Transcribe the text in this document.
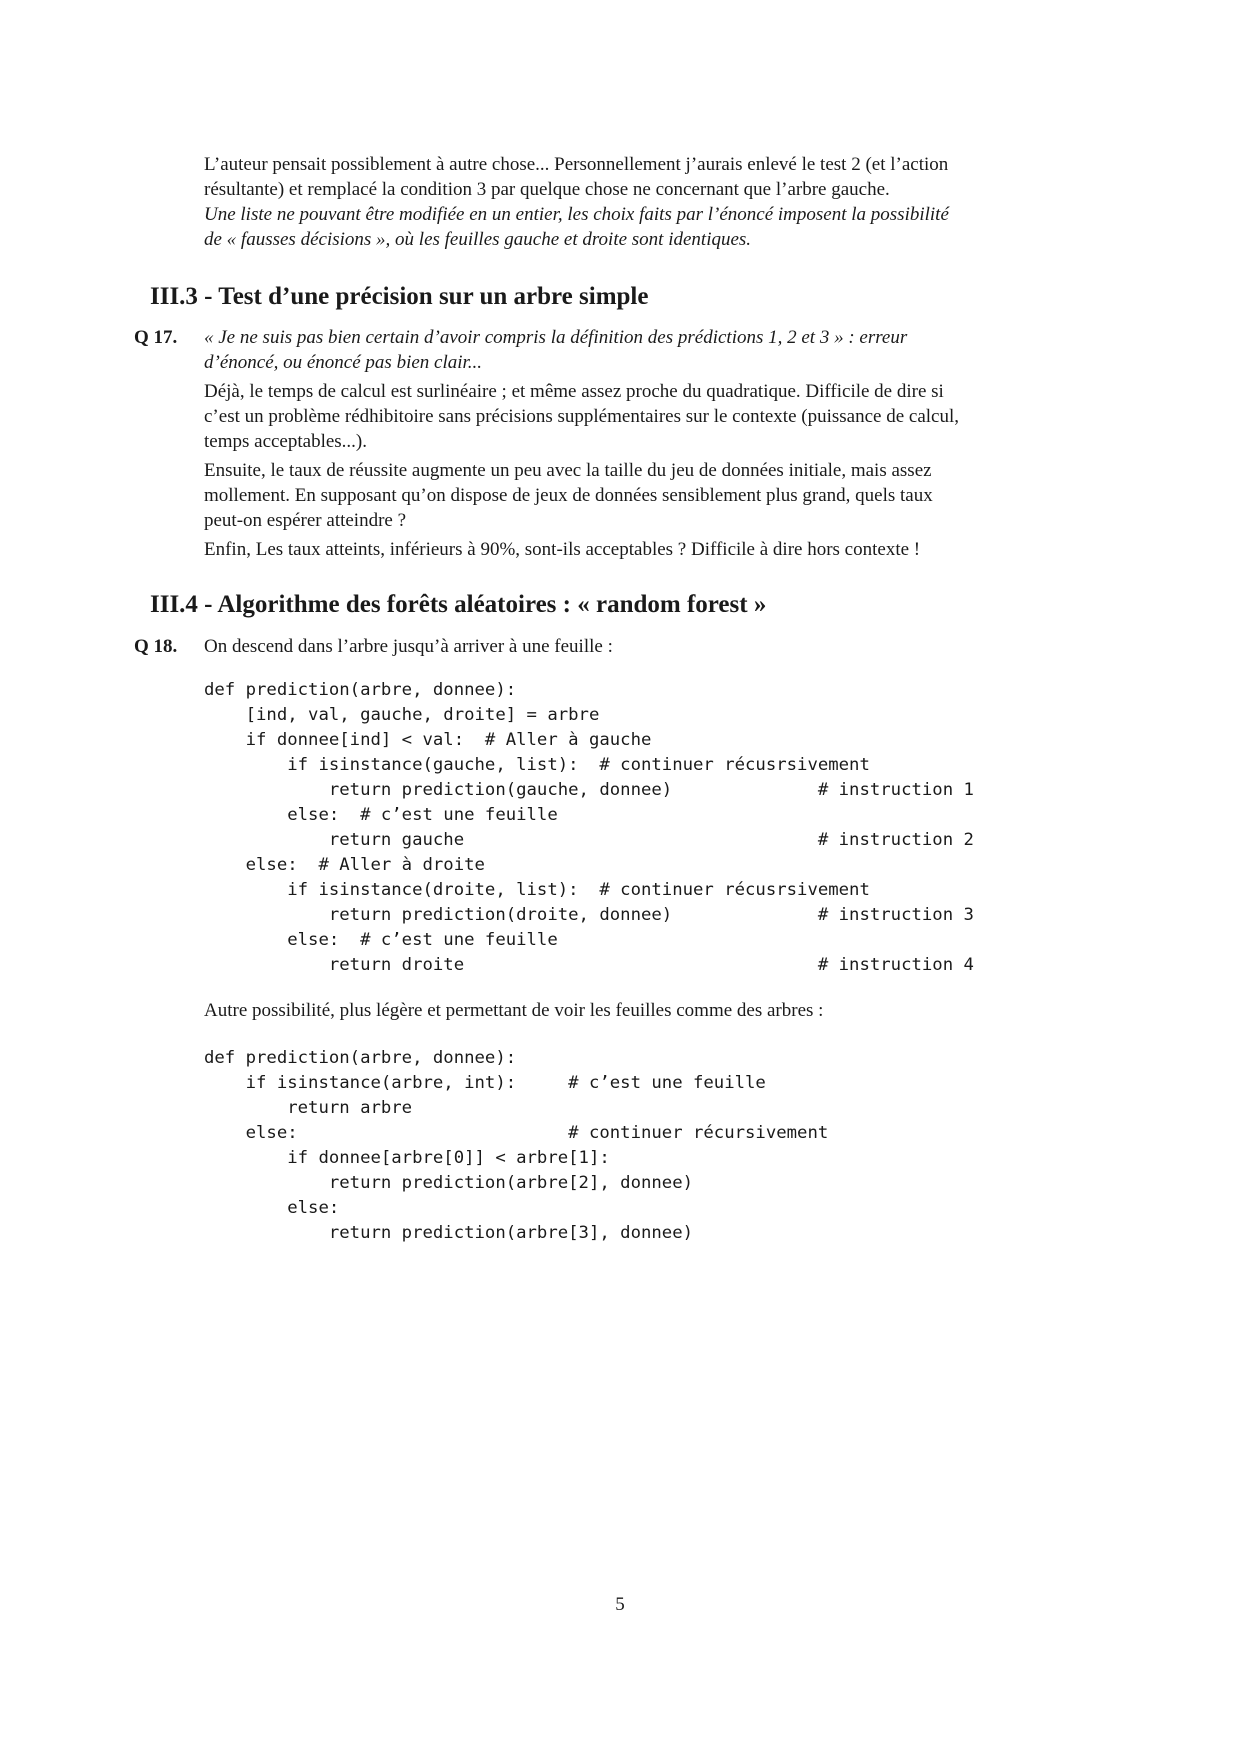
L’auteur pensait possiblement à autre chose... Personnellement j’aurais enlevé le test 2 (et l’action
résultante) et remplacé la condition 3 par quelque chose ne concernant que l’arbre gauche.
Une liste ne pouvant être modifiée en un entier, les choix faits par l’énoncé imposent la possibilité
de « fausses décisions », où les feuilles gauche et droite sont identiques.
III.3 - Test d’une précision sur un arbre simple
Q 17. « Je ne suis pas bien certain d’avoir compris la définition des prédictions 1, 2 et 3 » : erreur
d’énoncé, ou énoncé pas bien clair...
Déjà, le temps de calcul est surlinéaire ; et même assez proche du quadratique. Difficile de dire si
c’est un problème rédhibitoire sans précisions supplémentaires sur le contexte (puissance de calcul,
temps acceptables...).
Ensuite, le taux de réussite augmente un peu avec la taille du jeu de données initiale, mais assez
mollement. En supposant qu’on dispose de jeux de données sensiblement plus grand, quels taux
peut-on espérer atteindre ?
Enfin, Les taux atteints, inférieurs à 90%, sont-ils acceptables ? Difficile à dire hors contexte !
III.4 - Algorithme des forêts aléatoires : « random forest »
Q 18. On descend dans l’arbre jusqu’à arriver à une feuille :
def prediction(arbre, donnee):
[ind, val, gauche, droite] = arbre
if donnee[ind] < val:  # Aller à gauche
if isinstance(gauche, list):  # continuer récusrsivement
return prediction(gauche, donnee)              # instruction 1
else:  # c’est une feuille
return gauche                                  # instruction 2
else:  # Aller à droite
if isinstance(droite, list):  # continuer récusrsivement
return prediction(droite, donnee)              # instruction 3
else:  # c’est une feuille
return droite                                  # instruction 4
Autre possibilité, plus légère et permettant de voir les feuilles comme des arbres :
def prediction(arbre, donnee):
if isinstance(arbre, int):     # c’est une feuille
return arbre
else:                          # continuer récursivement
if donnee[arbre[0]] < arbre[1]:
return prediction(arbre[2], donnee)
else:
return prediction(arbre[3], donnee)
5
